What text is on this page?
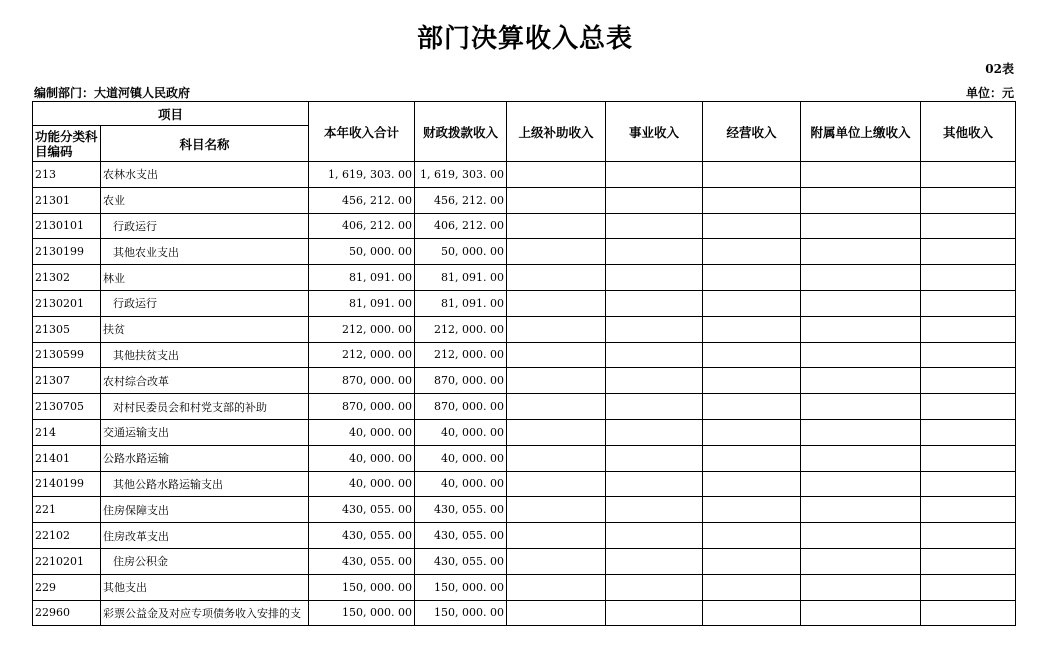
部门决算收入总表
02表
编制部门：大道河镇人民政府	单位：元
项目		本年收入合计	财政拨款收入	上级补助收入	事业收入	经营收入	附属单位上缴收入	其他收入
功能分类科目编码	科目名称							
213	农林水支出	1, 619, 303. 00	1, 619, 303. 00					
21301	农业	456, 212. 00	456, 212. 00					
2130101	行政运行	406, 212. 00	406, 212. 00					
2130199	其他农业支出	50, 000. 00	50, 000. 00					
21302	林业	81, 091. 00	81, 091. 00					
2130201	行政运行	81, 091. 00	81, 091. 00					
21305	扶贫	212, 000. 00	212, 000. 00					
2130599	其他扶贫支出	212, 000. 00	212, 000. 00					
21307	农村综合改革	870, 000. 00	870, 000. 00					
2130705	对村民委员会和村党支部的补助	870, 000. 00	870, 000. 00					
214	交通运输支出	40, 000. 00	40, 000. 00					
21401	公路水路运输	40, 000. 00	40, 000. 00					
2140199	其他公路水路运输支出	40, 000. 00	40, 000. 00					
221	住房保障支出	430, 055. 00	430, 055. 00					
22102	住房改革支出	430, 055. 00	430, 055. 00					
2210201	住房公积金	430, 055. 00	430, 055. 00					
229	其他支出	150, 000. 00	150, 000. 00					
22960	彩票公益金及对应专项债务收入安排的支	150, 000. 00	150, 000. 00					
